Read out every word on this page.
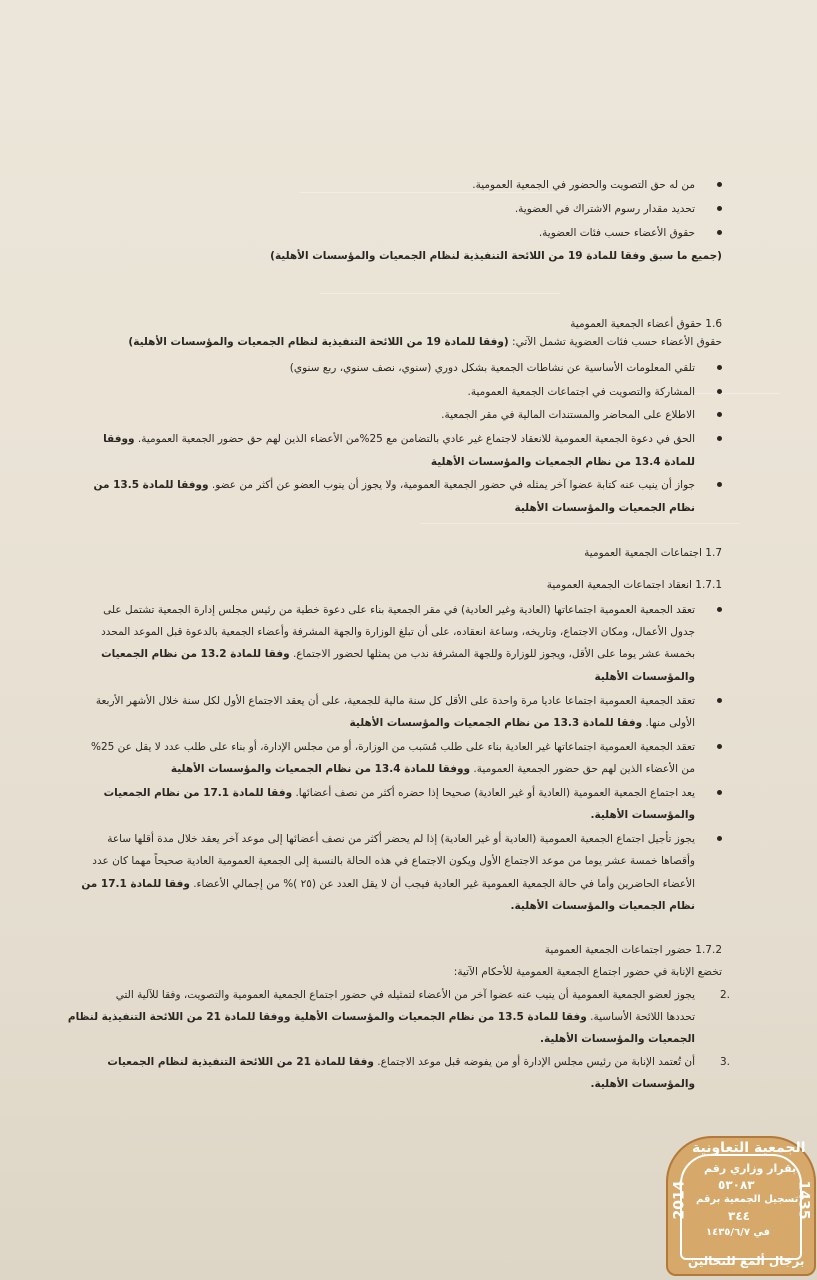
من له حق التصويت والحضور في الجمعية العمومية.
تحديد مقدار رسوم الاشتراك في العضوية.
حقوق الأعضاء حسب فئات العضوية.
(جميع ما سبق وفقا للمادة 19 من اللائحة التنفيذية لنظام الجمعيات والمؤسسات الأهلية)
1.6 حقوق أعضاء الجمعية العمومية
حقوق الأعضاء حسب فئات العضوية تشمل الآتي: (وفقا للمادة 19 من اللائحة التنفيذية لنظام الجمعيات والمؤسسات الأهلية)
تلقي المعلومات الأساسية عن نشاطات الجمعية بشكل دوري (سنوي، نصف سنوي، ربع سنوي)
المشاركة والتصويت في اجتماعات الجمعية العمومية.
الاطلاع على المحاضر والمستندات المالية في مقر الجمعية.
الحق في دعوة الجمعية العمومية للانعقاد لاجتماع غير عادي بالتضامن مع 25%من الأعضاء الذين لهم حق حضور الجمعية العمومية. ووفقا
للمادة 13.4 من نظام الجمعيات والمؤسسات الأهلية
جواز أن ينيب عنه كتابة عضوا آخر يمثله في حضور الجمعية العمومية، ولا يجوز أن ينوب العضو عن أكثر من عضو. ووفقا للمادة 13.5 من
نظام الجمعيات والمؤسسات الأهلية
1.7 اجتماعات الجمعية العمومية
1.7.1 انعقاد اجتماعات الجمعية العمومية
تعقد الجمعية العمومية اجتماعاتها (العادية وغير العادية) في مقر الجمعية بناء على دعوة خطية من رئيس مجلس إدارة الجمعية تشتمل على
جدول الأعمال، ومكان الاجتماع، وتاريخه، وساعة انعقاده، على أن تبلغ الوزارة والجهة المشرفة وأعضاء الجمعية بالدعوة قبل الموعد المحدد
بخمسة عشر يوما على الأقل، ويجوز للوزارة وللجهة المشرفة ندب من يمثلها لحضور الاجتماع. وفقا للمادة 13.2 من نظام الجمعيات
والمؤسسات الأهلية
تعقد الجمعية العمومية اجتماعا عاديا مرة واحدة على الأقل كل سنة مالية للجمعية، على أن يعقد الاجتماع الأول لكل سنة خلال الأشهر الأربعة
الأولى منها. وفقا للمادة 13.3 من نظام الجمعيات والمؤسسات الأهلية
تعقد الجمعية العمومية اجتماعاتها غير العادية بناء على طلب مُسَبب من الوزارة، أو من مجلس الإدارة، أو بناء على طلب عدد لا يقل عن 25%
من الأعضاء الذين لهم حق حضور الجمعية العمومية. ووفقا للمادة 13.4 من نظام الجمعيات والمؤسسات الأهلية
يعد اجتماع الجمعية العمومية (العادية أو غير العادية) صحيحا إذا حضره أكثر من نصف أعضائها. وفقا للمادة 17.1 من نظام الجمعيات
والمؤسسات الأهلية.
يجوز تأجيل اجتماع الجمعية العمومية (العادية أو غير العادية) إذا لم يحضر أكثر من نصف أعضائها إلى موعد آخر يعقد خلال مدة أقلها ساعة
وأقصاها خمسة عشر يوما من موعد الاجتماع الأول ويكون الاجتماع في هذه الحالة بالنسبة إلى الجمعية العمومية العادية صحيحاً مهما كان عدد
الأعضاء الحاضرين وأما في حالة الجمعية العمومية غير العادية فيجب أن لا يقل العدد عن (٢٥ )% من إجمالي الأعضاء. وفقا للمادة 17.1 من
نظام الجمعيات والمؤسسات الأهلية.
1.7.2 حضور اجتماعات الجمعية العمومية
تخضع الإنابة في حضور اجتماع الجمعية العمومية للأحكام الآتية:
2.
يجوز لعضو الجمعية العمومية أن ينيب عنه عضوا آخر من الأعضاء لتمثيله في حضور اجتماع الجمعية العمومية والتصويت، وفقا للآلية التي
تحددها اللائحة الأساسية. وفقا للمادة 13.5 من نظام الجمعيات والمؤسسات الأهلية ووفقا للمادة 21 من اللائحة التنفيذية لنظام
الجمعيات والمؤسسات الأهلية.
3.
أن تُعتمد الإنابة من رئيس مجلس الإدارة أو من يفوضه قبل موعد الاجتماع. وفقا للمادة 21 من اللائحة التنفيذية لنظام الجمعيات
والمؤسسات الأهلية.
الجمعية التعاونية
بقرار وزاري رقم
٥٣٠٨٣
تسجيل الجمعية برقم
٣٤٤
في ١٤٣٥/٦/٧
2014	1435
برجال ألمع للنحالين
